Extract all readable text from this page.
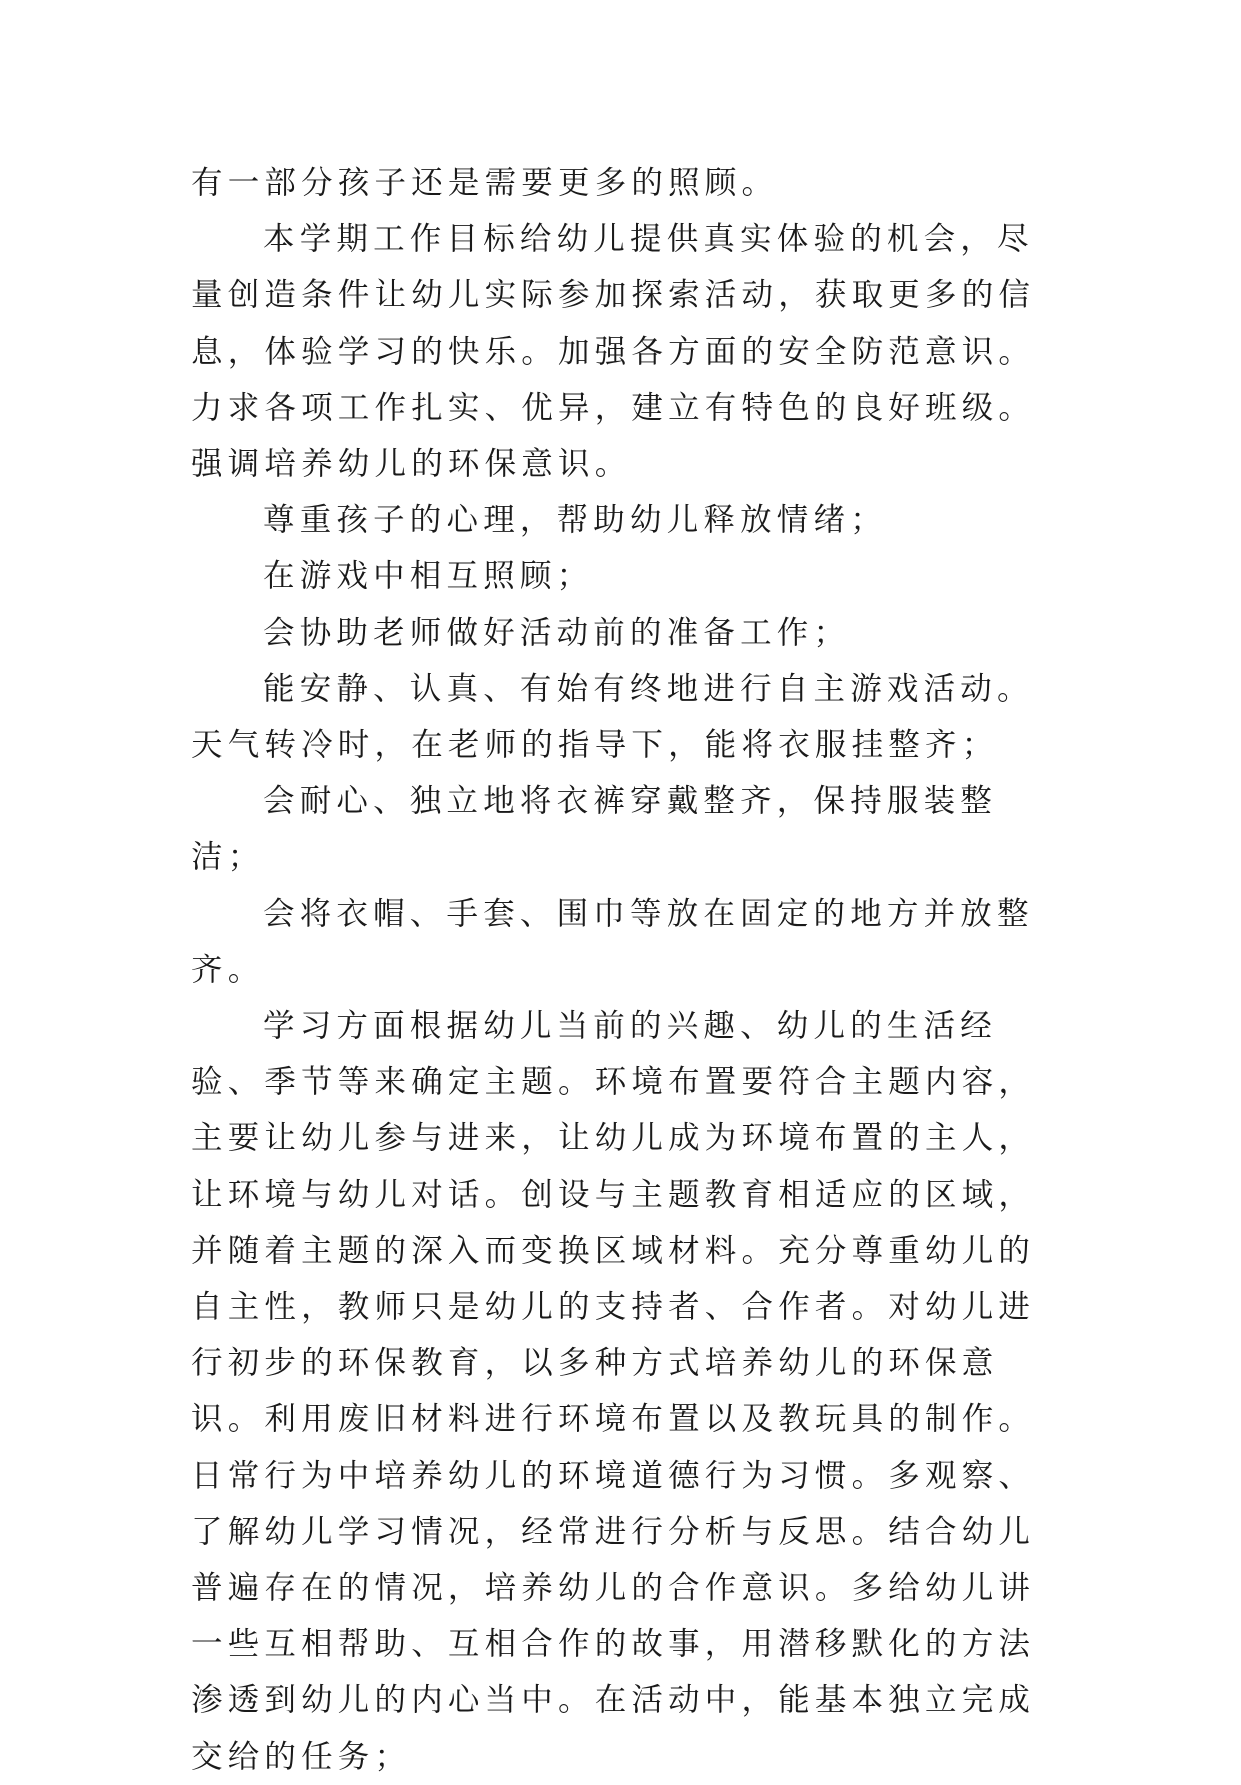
有一部分孩子还是需要更多的照顾。

本学期工作目标给幼儿提供真实体验的机会，尽量创造条件让幼儿实际参加探索活动，获取更多的信息，体验学习的快乐。加强各方面的安全防范意识。力求各项工作扎实、优异，建立有特色的良好班级。强调培养幼儿的环保意识。

尊重孩子的心理，帮助幼儿释放情绪；

在游戏中相互照顾；

会协助老师做好活动前的准备工作；

能安静、认真、有始有终地进行自主游戏活动。天气转冷时，在老师的指导下，能将衣服挂整齐；

会耐心、独立地将衣裤穿戴整齐，保持服装整洁；

会将衣帽、手套、围巾等放在固定的地方并放整齐。

学习方面根据幼儿当前的兴趣、幼儿的生活经验、季节等来确定主题。环境布置要符合主题内容，主要让幼儿参与进来，让幼儿成为环境布置的主人，让环境与幼儿对话。创设与主题教育相适应的区域，并随着主题的深入而变换区域材料。充分尊重幼儿的自主性，教师只是幼儿的支持者、合作者。对幼儿进行初步的环保教育，以多种方式培养幼儿的环保意识。利用废旧材料进行环境布置以及教玩具的制作。日常行为中培养幼儿的环境道德行为习惯。多观察、了解幼儿学习情况，经常进行分析与反思。结合幼儿普遍存在的情况，培养幼儿的合作意识。多给幼儿讲一些互相帮助、互相合作的故事，用潜移默化的方法渗透到幼儿的内心当中。在活动中，能基本独立完成交给的任务；
